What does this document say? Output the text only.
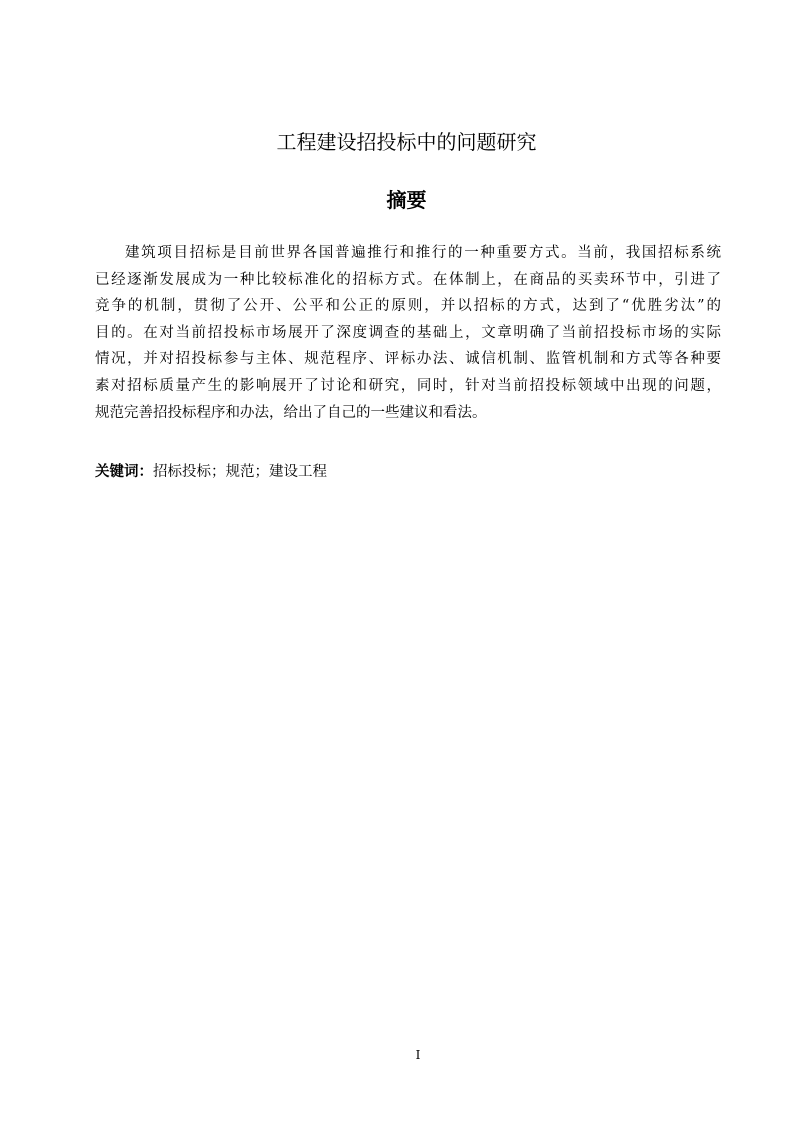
工程建设招投标中的问题研究
摘要
建筑项目招标是目前世界各国普遍推行和推行的一种重要方式。当前，我国招标系统
已经逐渐发展成为一种比较标准化的招标方式。在体制上，在商品的买卖环节中，引进了
竞争的机制，贯彻了公开、公平和公正的原则，并以招标的方式，达到了“优胜劣汰”的
目的。在对当前招投标市场展开了深度调查的基础上，文章明确了当前招投标市场的实际
情况，并对招投标参与主体、规范程序、评标办法、诚信机制、监管机制和方式等各种要
素对招标质量产生的影响展开了讨论和研究，同时，针对当前招投标领域中出现的问题，
规范完善招投标程序和办法，给出了自己的一些建议和看法。

关键词：招标投标；规范；建设工程

I
